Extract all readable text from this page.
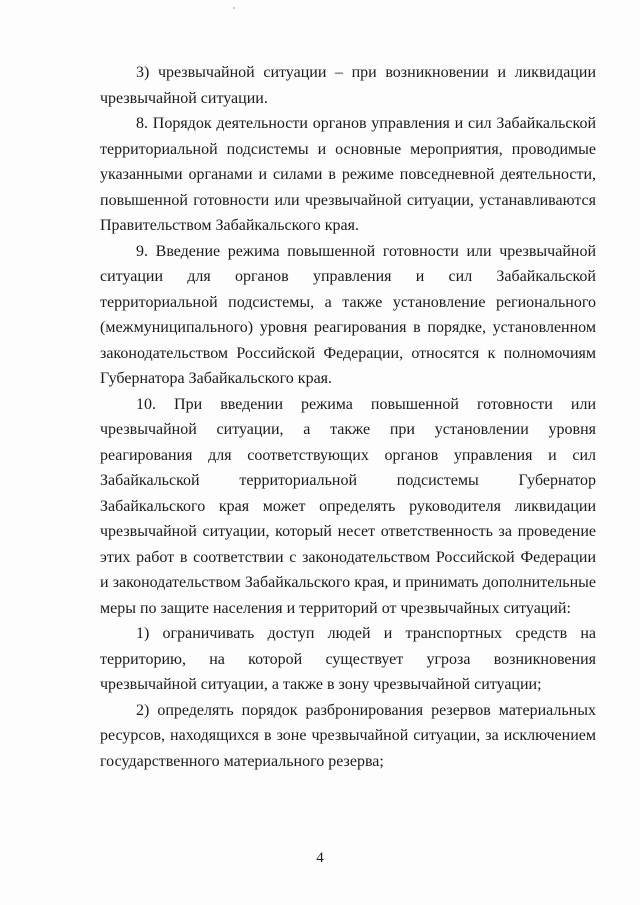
3) чрезвычайной ситуации – при возникновении и ликвидации чрезвычайной ситуации.

8. Порядок деятельности органов управления и сил Забайкальской территориальной подсистемы и основные мероприятия, проводимые указанными органами и силами в режиме повседневной деятельности, повышенной готовности или чрезвычайной ситуации, устанавливаются Правительством Забайкальского края.

9. Введение режима повышенной готовности или чрезвычайной ситуации для органов управления и сил Забайкальской территориальной подсистемы, а также установление регионального (межмуниципального) уровня реагирования в порядке, установленном законодательством Российской Федерации, относятся к полномочиям Губернатора Забайкальского края.

10. При введении режима повышенной готовности или чрезвычайной ситуации, а также при установлении уровня реагирования для соответствующих органов управления и сил Забайкальской территориальной подсистемы Губернатор Забайкальского края может определять руководителя ликвидации чрезвычайной ситуации, который несет ответственность за проведение этих работ в соответствии с законодательством Российской Федерации и законодательством Забайкальского края, и принимать дополнительные меры по защите населения и территорий от чрезвычайных ситуаций:

1) ограничивать доступ людей и транспортных средств на территорию, на которой существует угроза возникновения чрезвычайной ситуации, а также в зону чрезвычайной ситуации;

2) определять порядок разбронирования резервов материальных ресурсов, находящихся в зоне чрезвычайной ситуации, за исключением государственного материального резерва;

4
